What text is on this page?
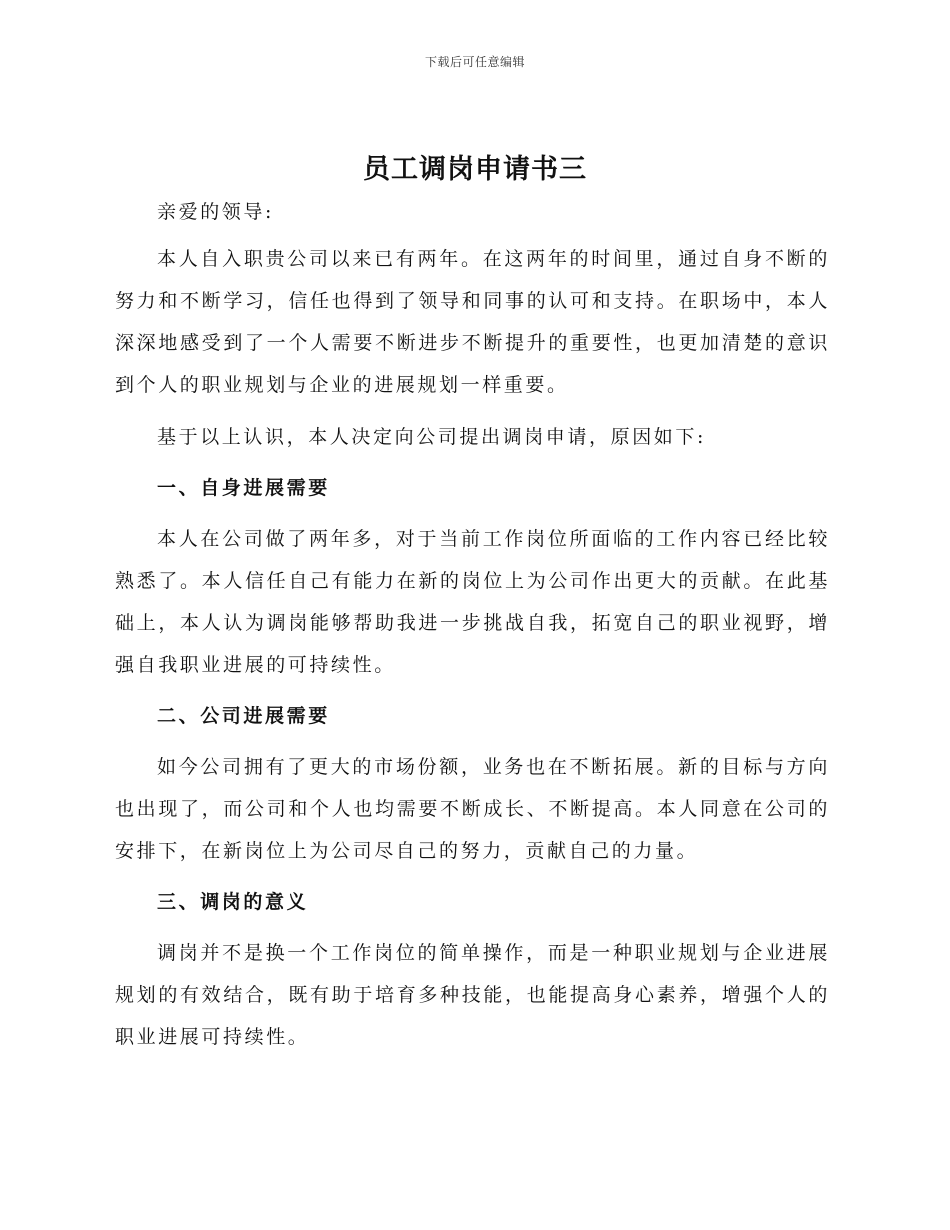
下载后可任意编辑
员工调岗申请书三

亲爱的领导:

本人自入职贵公司以来已有两年。在这两年的时间里，通过自身不断的努力和不断学习，信任也得到了领导和同事的认可和支持。在职场中，本人深深地感受到了一个人需要不断进步不断提升的重要性，也更加清楚的意识到个人的职业规划与企业的进展规划一样重要。

基于以上认识，本人决定向公司提出调岗申请，原因如下:

一、自身进展需要

本人在公司做了两年多，对于当前工作岗位所面临的工作内容已经比较熟悉了。本人信任自己有能力在新的岗位上为公司作出更大的贡献。在此基础上，本人认为调岗能够帮助我进一步挑战自我，拓宽自己的职业视野，增强自我职业进展的可持续性。

二、公司进展需要

如今公司拥有了更大的市场份额，业务也在不断拓展。新的目标与方向也出现了，而公司和个人也均需要不断成长、不断提高。本人同意在公司的安排下，在新岗位上为公司尽自己的努力，贡献自己的力量。

三、调岗的意义

调岗并不是换一个工作岗位的简单操作，而是一种职业规划与企业进展规划的有效结合，既有助于培育多种技能，也能提高身心素养，增强个人的职业进展可持续性。
